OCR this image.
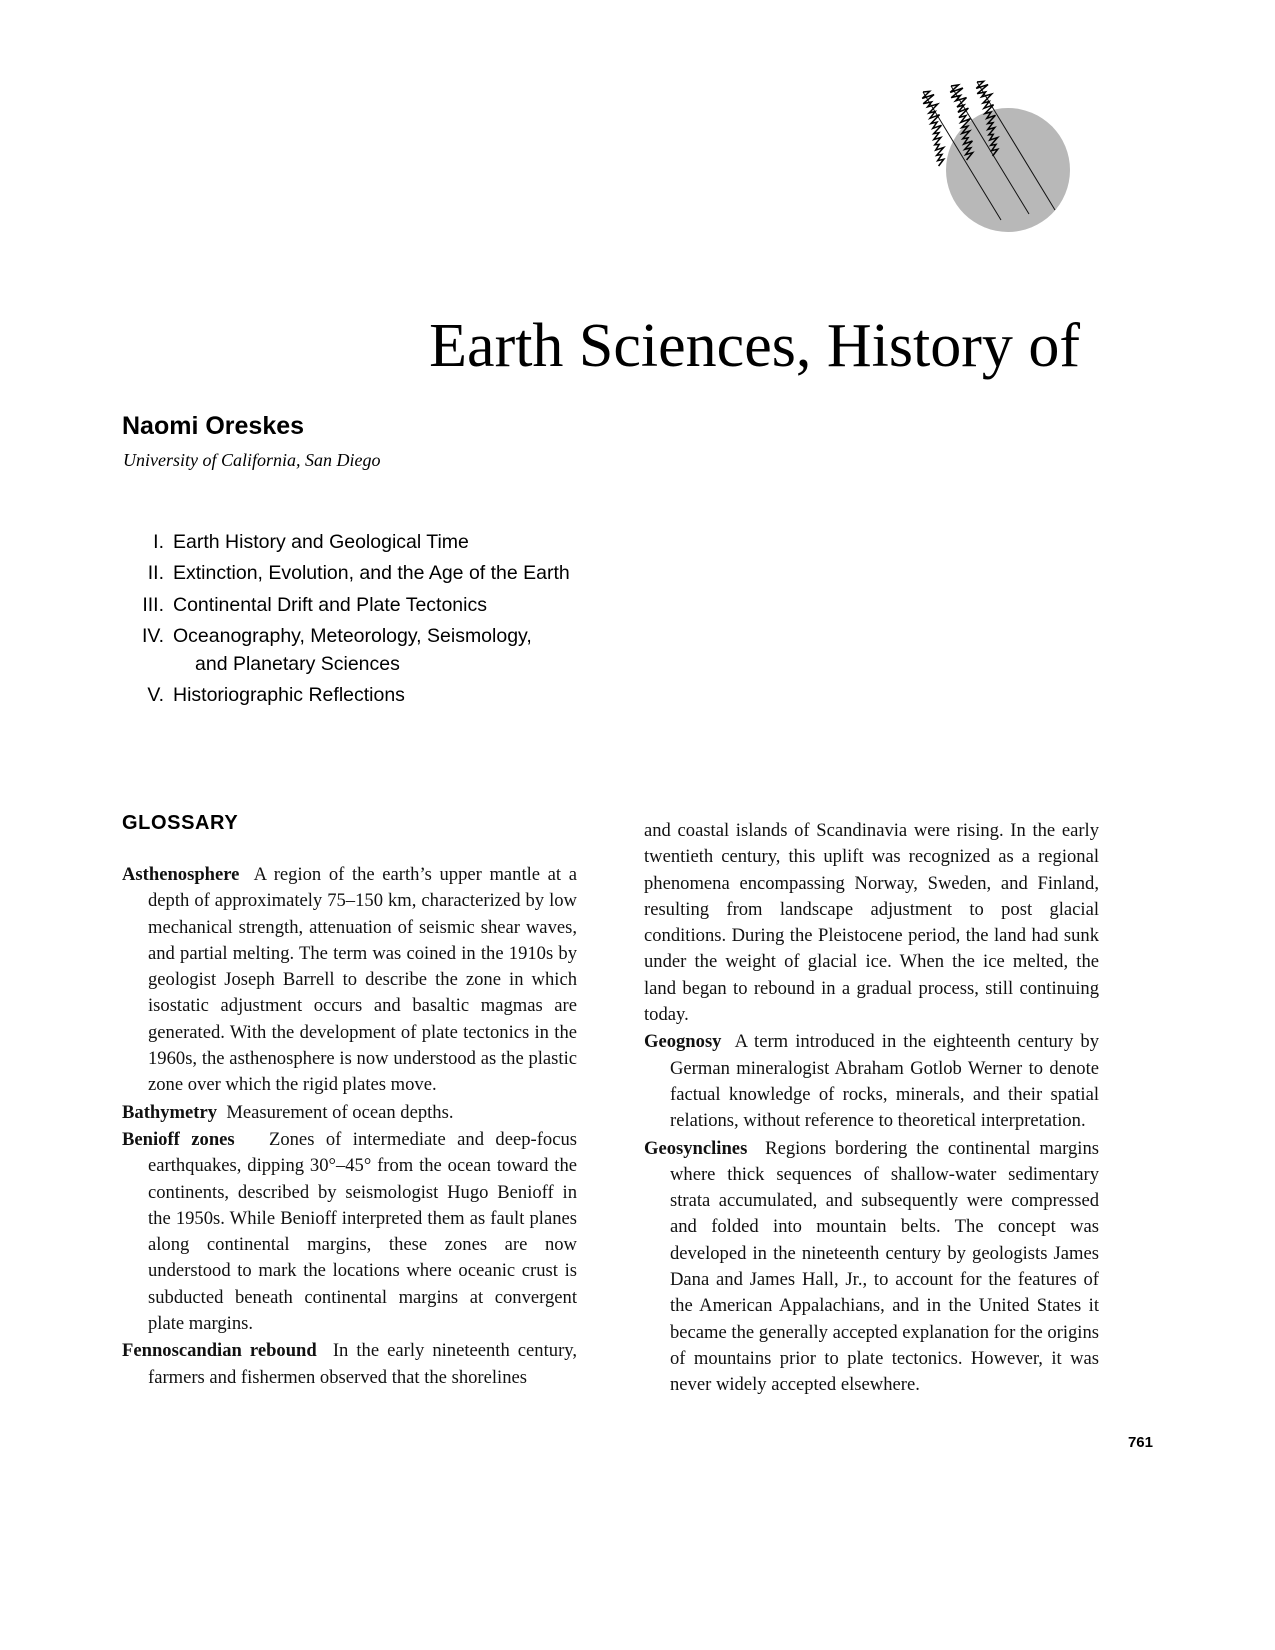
Earth Sciences, History of
Naomi Oreskes
University of California, San Diego
I. Earth History and Geological Time
II. Extinction, Evolution, and the Age of the Earth
III. Continental Drift and Plate Tectonics
IV. Oceanography, Meteorology, Seismology,
and Planetary Sciences
V. Historiographic Reflections
GLOSSARY

Asthenosphere A region of the earth’s upper mantle at a depth of approximately 75–150 km, characterized by low mechanical strength, attenuation of seismic shear waves, and partial melting. The term was coined in the 1910s by geologist Joseph Barrell to describe the zone in which isostatic adjustment occurs and basaltic magmas are generated. With the development of plate tectonics in the 1960s, the asthenosphere is now understood as the plastic zone over which the rigid plates move.

Bathymetry Measurement of ocean depths.

Benioff zones Zones of intermediate and deep-focus earthquakes, dipping 30°–45° from the ocean toward the continents, described by seismologist Hugo Benioff in the 1950s. While Benioff interpreted them as fault planes along continental margins, these zones are now understood to mark the locations where oceanic crust is subducted beneath continental margins at convergent plate margins.

Fennoscandian rebound In the early nineteenth century, farmers and fishermen observed that the shorelines

and coastal islands of Scandinavia were rising. In the early twentieth century, this uplift was recognized as a regional phenomena encompassing Norway, Sweden, and Finland, resulting from landscape adjustment to post glacial conditions. During the Pleistocene period, the land had sunk under the weight of glacial ice. When the ice melted, the land began to rebound in a gradual process, still continuing today.

Geognosy A term introduced in the eighteenth century by German mineralogist Abraham Gotlob Werner to denote factual knowledge of rocks, minerals, and their spatial relations, without reference to theoretical interpretation.

Geosynclines Regions bordering the continental margins where thick sequences of shallow-water sedimentary strata accumulated, and subsequently were compressed and folded into mountain belts. The concept was developed in the nineteenth century by geologists James Dana and James Hall, Jr., to account for the features of the American Appalachians, and in the United States it became the generally accepted explanation for the origins of mountains prior to plate tectonics. However, it was never widely accepted elsewhere.

761
